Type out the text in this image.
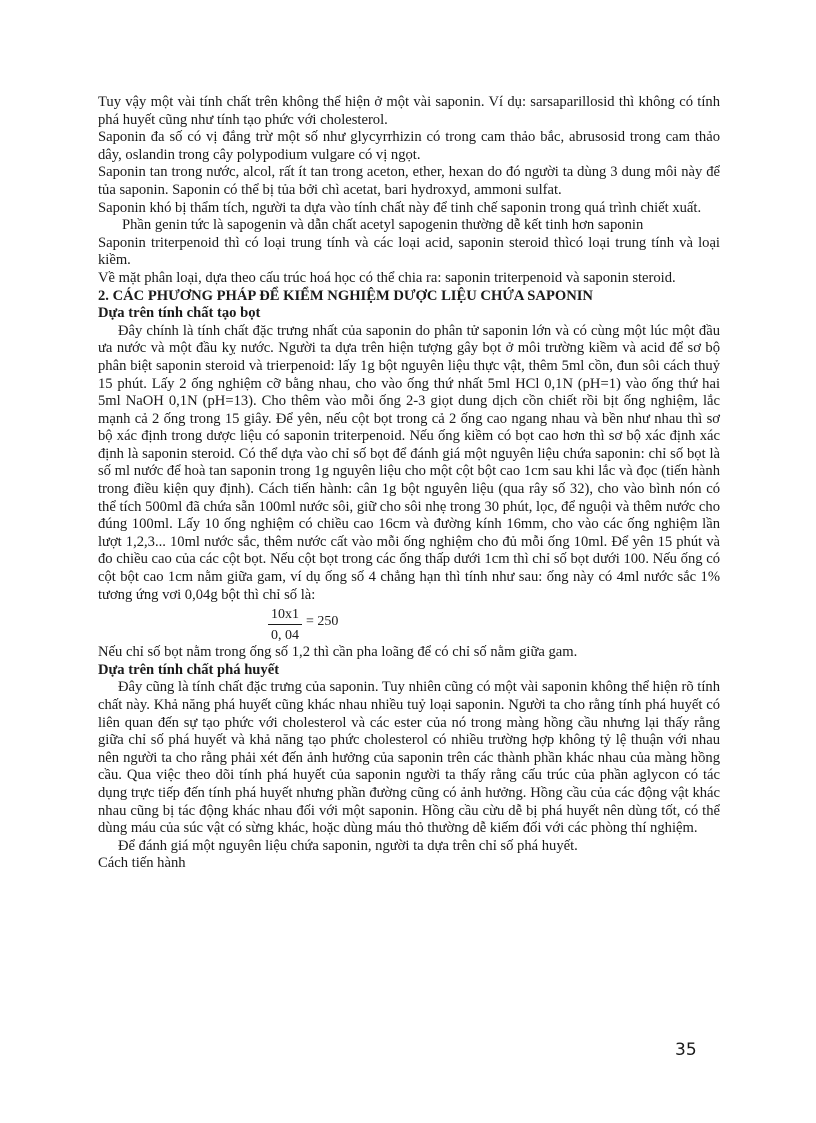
Tuy vậy một vài tính chất trên không thể hiện ở một vài saponin. Ví dụ: sarsaparillosid thì không có tính phá huyết cũng như tính tạo phức với cholesterol.

Saponin đa số có vị đắng trừ một số như glycyrrhizin có trong cam thảo bắc, abrusosid trong cam thảo dây, oslandin trong cây polypodium vulgare có vị ngọt.

Saponin tan trong nước, alcol, rất ít tan trong aceton, ether, hexan do đó người ta dùng 3 dung môi này để tủa saponin. Saponin có thể bị tủa bởi chì acetat, bari hydroxyd, ammoni sulfat.

Saponin khó bị thẩm tích, người ta dựa vào tính chất này để tinh chế saponin trong quá trình chiết xuất.

Phần genin tức là sapogenin và dẫn chất acetyl sapogenin thường dễ kết tinh hơn saponin

Saponin triterpenoid thì có loại trung tính và các loại acid, saponin steroid thìcó loại trung tính và loại kiềm.

Về mặt phân loại, dựa theo cấu trúc hoá học có thể chia ra: saponin triterpenoid và saponin steroid.

2. CÁC PHƯƠNG PHÁP ĐỂ KIỂM NGHIỆM DƯỢC LIỆU CHỨA SAPONIN

Dựa trên tính chất tạo bọt

Đây chính là tính chất đặc trưng nhất của saponin do phân tử saponin lớn và có cùng một lúc một đầu ưa nước và một đầu kỵ nước. Người ta dựa trên hiện tượng gây bọt ở môi trường kiềm và acid để sơ bộ phân biệt saponin steroid và trierpenoid: lấy 1g bột nguyên liệu thực vật, thêm 5ml cồn, đun sôi cách thuỷ 15 phút. Lấy 2 ống nghiệm cỡ bằng nhau, cho vào ống thứ nhất 5ml HCl 0,1N (pH=1) vào ống thứ hai 5ml NaOH 0,1N (pH=13). Cho thêm vào mỗi ống 2-3 giọt dung dịch cồn chiết rồi bịt ống nghiệm, lắc mạnh cả 2 ống trong 15 giây. Để yên, nếu cột bọt trong cả 2 ống cao ngang nhau và bền như nhau thì sơ bộ xác định trong dược liệu có saponin triterpenoid. Nếu ống kiềm có bọt cao hơn thì sơ bộ xác định xác định là saponin steroid. Có thể dựa vào chỉ số bọt để đánh giá một nguyên liệu chứa saponin: chỉ số bọt là số ml nước để hoà tan saponin trong 1g nguyên liệu cho một cột bột cao 1cm sau khi lắc và đọc (tiến hành trong điều kiện quy định). Cách tiến hành: cân 1g bột nguyên liệu (qua rây số 32), cho vào bình nón có thể tích 500ml đã chứa sẵn 100ml nước sôi, giữ cho sôi nhẹ trong 30 phút, lọc, để nguội và thêm nước cho đúng 100ml. Lấy 10 ống nghiệm có chiều cao 16cm và đường kính 16mm, cho vào các ống nghiệm lần lượt 1,2,3... 10ml nước sắc, thêm nước cất vào mỗi ống nghiệm cho đủ mỗi ống 10ml. Để yên 15 phút và đo chiều cao của các cột bọt. Nếu cột bọt trong các ống thấp dưới 1cm thì chỉ số bọt dưới 100. Nếu ống có cột bột cao 1cm nằm giữa gam, ví dụ ống số 4 chẳng hạn thì tính như sau: ống này có 4ml nước sắc 1% tương ứng vơi 0,04g bột thì chỉ số là:

$\frac{10x1}{0, 04} = 250$

Nếu chỉ số bọt nằm trong ống số 1,2 thì cần pha loãng để có chỉ số nằm giữa gam.

Dựa trên tính chất phá huyết

Đây cũng là tính chất đặc trưng của saponin. Tuy nhiên cũng có một vài saponin không thể hiện rõ tính chất này. Khả năng phá huyết cũng khác nhau nhiều tuỷ loại saponin. Người ta cho rằng tính phá huyết có liên quan đến sự tạo phức với cholesterol và các ester của nó trong màng hồng cầu nhưng lại thấy rằng giữa chỉ số phá huyết và khả năng tạo phức cholesterol có nhiều trường hợp không tỷ lệ thuận với nhau nên người ta cho rằng phải xét đến ảnh hưởng của saponin trên các thành phần khác nhau của màng hồng cầu. Qua việc theo dõi tính phá huyết của saponin người ta thấy rằng cấu trúc của phần aglycon có tác dụng trực tiếp đến tính phá huyết nhưng phần đường cũng có ảnh hưởng. Hồng cầu của các động vật khác nhau cũng bị tác động khác nhau đối với một saponin. Hồng cầu cừu dễ bị phá huyết nên dùng tốt, có thể dùng máu của súc vật có sừng khác, hoặc dùng máu thỏ thường dễ kiếm đối với các phòng thí nghiệm.

Để đánh giá một nguyên liệu chứa saponin, người ta dựa trên chỉ số phá huyết.

Cách tiến hành

35
